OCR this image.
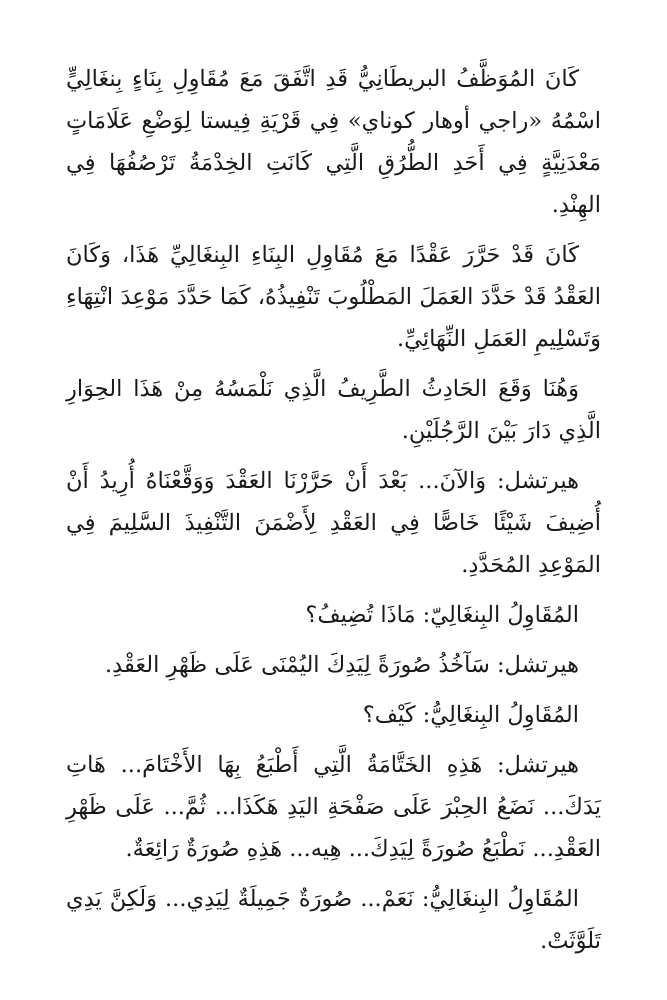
كَانَ المُوَظَّفُ البريطَانِيُّ قَدِ اتَّفَقَ مَعَ مُقَاوِلِ بِنَاءٍ بِنغَالِيٍّ اسْمُهُ «راجي أوهار كوناي» فِي قَرْيَةِ فِيستا لِوَضْعِ عَلَامَاتٍ مَعْدَنِيَّةٍ فِي أَحَدِ الطُّرُقِ الَّتِي كَانَتِ الخِدْمَةُ تَرْصُفُهَا فِي الهِنْدِ.

كَانَ قَدْ حَرَّرَ عَقْدًا مَعَ مُقَاوِلِ البِنَاءِ البِنغَالِيِّ هَذَا، وَكَانَ العَقْدُ قَدْ حَدَّدَ العَمَلَ المَطْلُوبَ تَنْفِيذُهُ، كَمَا حَدَّدَ مَوْعِدَ انْتِهَاءِ وَتَسْلِيمِ العَمَلِ النِّهَائِيِّ.

وَهُنَا وَقَعَ الحَادِثُ الطَّرِيفُ الَّذِي نَلْمَسُهُ مِنْ هَذَا الحِوَارِ الَّذِي دَارَ بَيْنَ الرَّجُلَيْنِ.

هيرتشل: وَالآنَ... بَعْدَ أَنْ حَرَّرْنَا العَقْدَ وَوَقَّعْنَاهُ أُرِيدُ أَنْ أُضِيفَ شَيْئًا خَاصًّا فِي العَقْدِ لِأَضْمَنَ التَّنْفِيذَ السَّلِيمَ فِي المَوْعِدِ المُحَدَّدِ.

المُقَاوِلُ البِنغَالِيّ: مَاذَا تُضِيفُ؟

هيرتشل: سَآخُذُ صُورَةً لِيَدِكَ اليُمْنَى عَلَى ظَهْرِ العَقْدِ.

المُقَاوِلُ البِنغَالِيُّ: كَيْف؟

هيرتشل: هَذِهِ الخَتَّامَةُ الَّتِي أَطْبَعُ بِهَا الأَخْتَامَ... هَاتِ يَدَكَ... نَضَعُ الحِبْرَ عَلَى صَفْحَةِ اليَدِ هَكَذَا... ثُمَّ... عَلَى ظَهْرِ العَقْدِ... نَطْبَعُ صُورَةً لِيَدِكَ... هِيه... هَذِهِ صُورَةٌ رَائِعَةٌ.

المُقَاوِلُ البِنغَالِيُّ: نَعَمْ... صُورَةٌ جَمِيلَةٌ لِيَدِي... وَلَكِنَّ يَدِي تَلَوَّثَتْ.
